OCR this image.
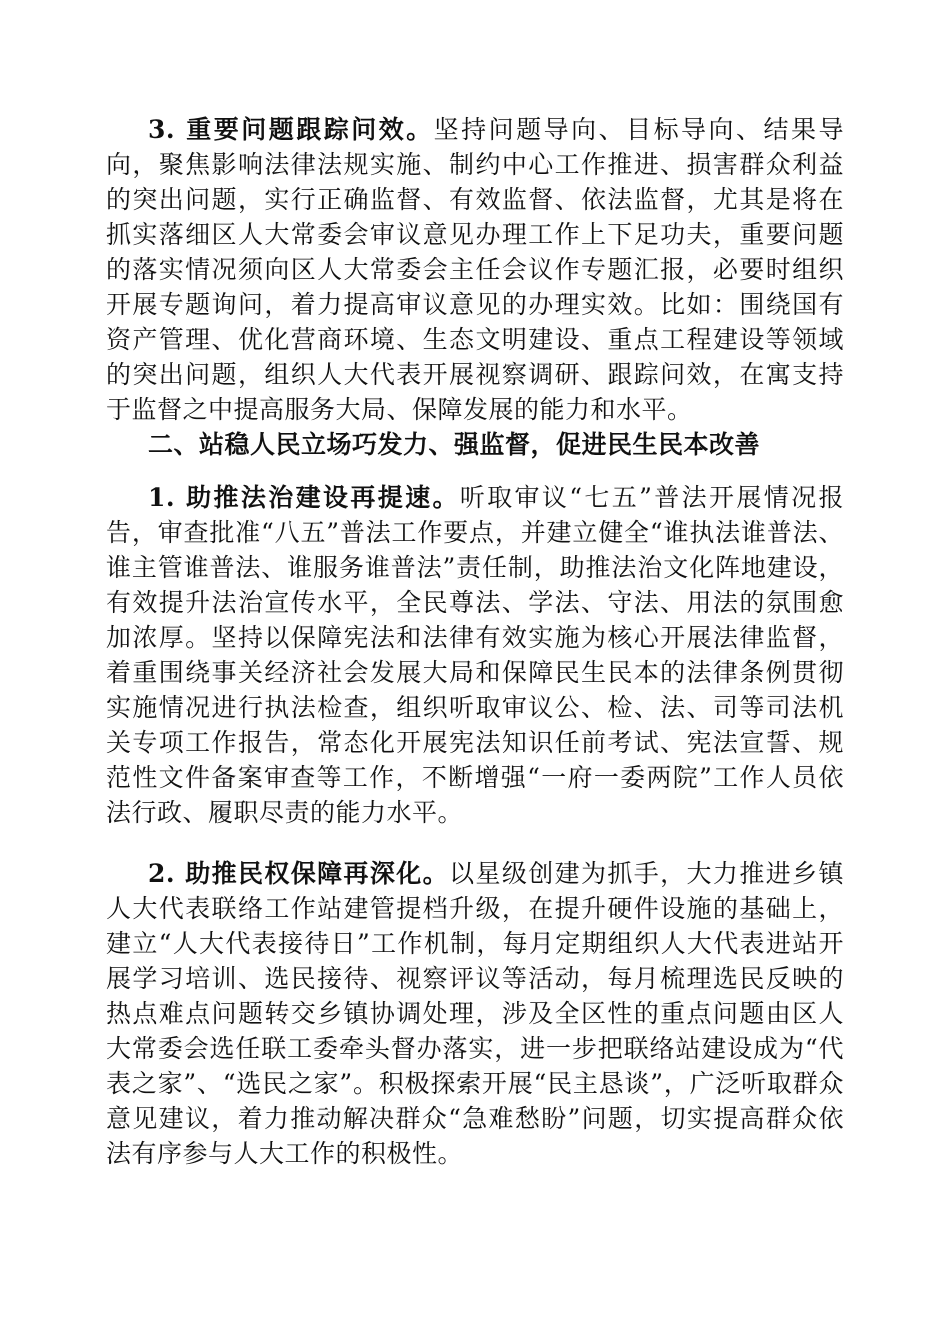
3. 重要问题跟踪问效。坚持问题导向、目标导向、结果导向，聚焦影响法律法规实施、制约中心工作推进、损害群众利益的突出问题，实行正确监督、有效监督、依法监督，尤其是将在抓实落细区人大常委会审议意见办理工作上下足功夫，重要问题的落实情况须向区人大常委会主任会议作专题汇报，必要时组织开展专题询问，着力提高审议意见的办理实效。比如：围绕国有资产管理、优化营商环境、生态文明建设、重点工程建设等领域的突出问题，组织人大代表开展视察调研、跟踪问效，在寓支持于监督之中提高服务大局、保障发展的能力和水平。

二、站稳人民立场巧发力、强监督，促进民生民本改善

1. 助推法治建设再提速。听取审议“七五”普法开展情况报告，审查批准“八五”普法工作要点，并建立健全“谁执法谁普法、谁主管谁普法、谁服务谁普法”责任制，助推法治文化阵地建设，有效提升法治宣传水平，全民尊法、学法、守法、用法的氛围愈加浓厚。坚持以保障宪法和法律有效实施为核心开展法律监督，着重围绕事关经济社会发展大局和保障民生民本的法律条例贯彻实施情况进行执法检查，组织听取审议公、检、法、司等司法机关专项工作报告，常态化开展宪法知识任前考试、宪法宣誓、规范性文件备案审查等工作，不断增强“一府一委两院”工作人员依法行政、履职尽责的能力水平。

2. 助推民权保障再深化。以星级创建为抓手，大力推进乡镇人大代表联络工作站建管提档升级，在提升硬件设施的基础上，建立“人大代表接待日”工作机制，每月定期组织人大代表进站开展学习培训、选民接待、视察评议等活动，每月梳理选民反映的热点难点问题转交乡镇协调处理，涉及全区性的重点问题由区人大常委会选任联工委牵头督办落实，进一步把联络站建设成为“代表之家”、“选民之家”。积极探索开展“民主恳谈”，广泛听取群众意见建议，着力推动解决群众“急难愁盼”问题，切实提高群众依法有序参与人大工作的积极性。
